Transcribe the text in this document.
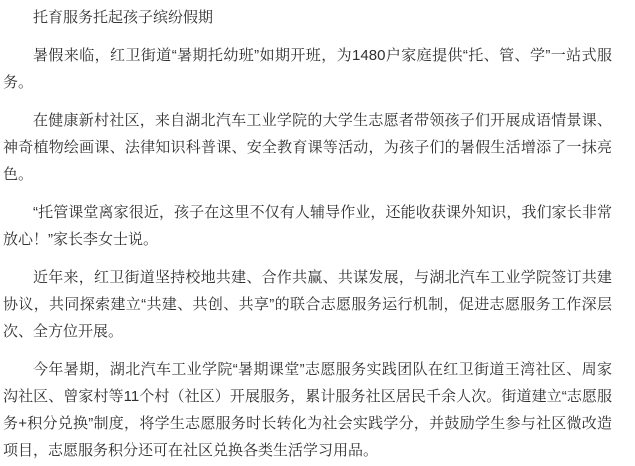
托育服务托起孩子缤纷假期

暑假来临，红卫街道“暑期托幼班”如期开班，为1480户家庭提供“托、管、学”一站式服务。

在健康新村社区，来自湖北汽车工业学院的大学生志愿者带领孩子们开展成语情景课、神奇植物绘画课、法律知识科普课、安全教育课等活动，为孩子们的暑假生活增添了一抹亮色。

“托管课堂离家很近，孩子在这里不仅有人辅导作业，还能收获课外知识，我们家长非常放心！”家长李女士说。

近年来，红卫街道坚持校地共建、合作共赢、共谋发展，与湖北汽车工业学院签订共建协议，共同探索建立“共建、共创、共享”的联合志愿服务运行机制，促进志愿服务工作深层次、全方位开展。

今年暑期，湖北汽车工业学院“暑期课堂”志愿服务实践团队在红卫街道王湾社区、周家沟社区、曾家村等11个村（社区）开展服务，累计服务社区居民千余人次。街道建立“志愿服务+积分兑换”制度，将学生志愿服务时长转化为社会实践学分，并鼓励学生参与社区微改造项目，志愿服务积分还可在社区兑换各类生活学习用品。
